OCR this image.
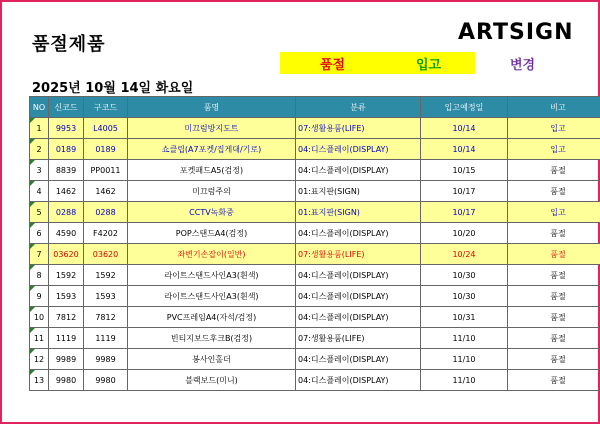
품절제품	ARTSIGN
품절	입고	변경
2025년 10월 14일 화요일
NO	신코드	구코드	품명	분류	입고예정일	비고

1	9953	L4005	미끄럼방지도트	07:생활용품(LIFE)	10/14	입고

2	0189	0189	쇼클립(A7포켓/집게대/기로)	04:디스플레이(DISPLAY)	10/14	입고

3	8839	PP0011	포켓패드A5(검정)	04:디스플레이(DISPLAY)	10/15	품절

4	1462	1462	미끄럼주의	01:표지판(SIGN)	10/17	품절

5	0288	0288	CCTV녹화중	01:표지판(SIGN)	10/17	입고

6	4590	F4202	POP스탠드A4(검정)	04:디스플레이(DISPLAY)	10/20	품절

7	03620	03620	좌변기손잡이(일반)	07:생활용품(LIFE)	10/24	품절

8	1592	1592	라이트스탠드사인A3(흰색)	04:디스플레이(DISPLAY)	10/30	품절

9	1593	1593	라이트스탠드사인A3(흰색)	04:디스플레이(DISPLAY)	10/30	품절

10	7812	7812	PVC프레임A4(자석/검정)	04:디스플레이(DISPLAY)	10/31	품절

11	1119	1119	빈티지보드후크B(검정)	07:생활용품(LIFE)	11/10	품절

12	9989	9989	봉사인홀더	04:디스플레이(DISPLAY)	11/10	품절

13	9980	9980	블랙보드(미니)	04:디스플레이(DISPLAY)	11/10	품절
